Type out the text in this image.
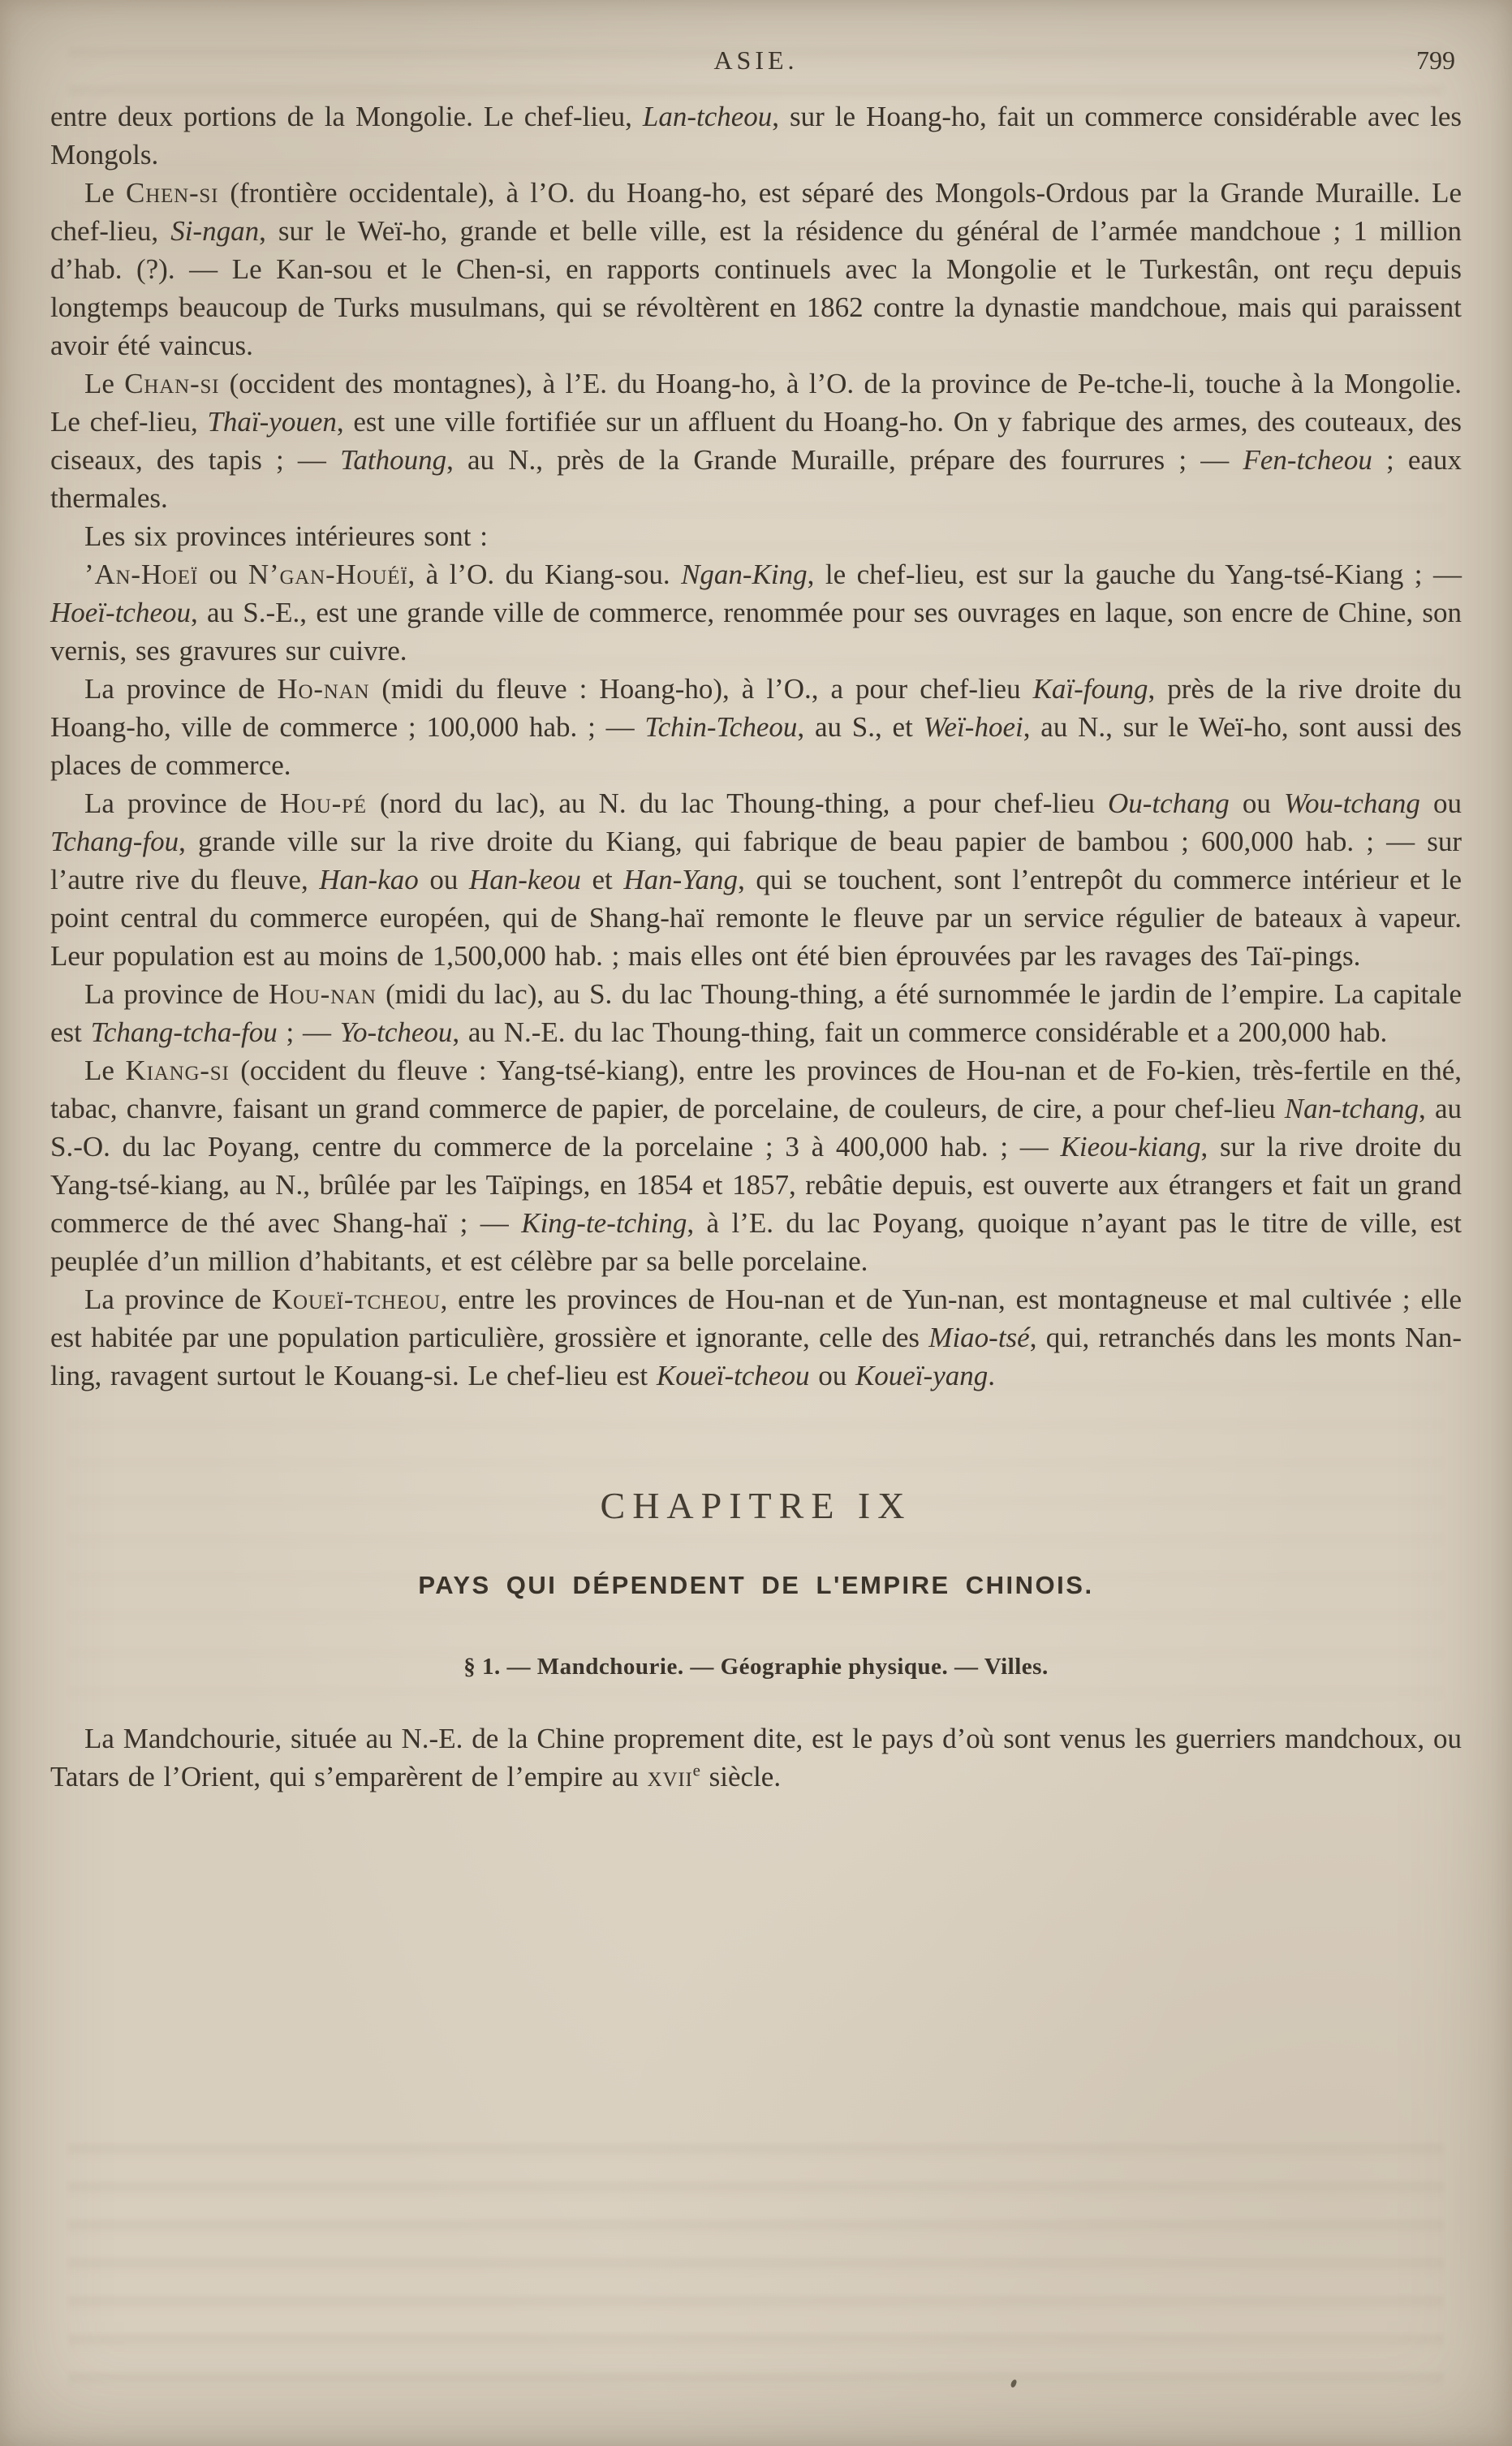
ASIE.	799

entre deux portions de la Mongolie. Le chef-lieu, Lan-tcheou, sur le Hoang-ho, fait un commerce considérable avec les Mongols.

Le Chen-si (frontière occidentale), à l’O. du Hoang-ho, est séparé des Mongols-Ordous par la Grande Muraille. Le chef-lieu, Si-ngan, sur le Weï-ho, grande et belle ville, est la résidence du général de l’armée mandchoue ; 1 million d’hab. (?). — Le Kan-sou et le Chen-si, en rapports continuels avec la Mongolie et le Turkestân, ont reçu depuis longtemps beaucoup de Turks musulmans, qui se révoltèrent en 1862 contre la dynastie mandchoue, mais qui paraissent avoir été vaincus.

Le Chan-si (occident des montagnes), à l’E. du Hoang-ho, à l’O. de la province de Pe-tche-li, touche à la Mongolie. Le chef-lieu, Thaï-youen, est une ville fortifiée sur un affluent du Hoang-ho. On y fabrique des armes, des couteaux, des ciseaux, des tapis ; — Tathoung, au N., près de la Grande Muraille, prépare des fourrures ; — Fen-tcheou ; eaux thermales.

Les six provinces intérieures sont :

’An-Hoeï ou N’gan-Houéï, à l’O. du Kiang-sou. Ngan-King, le chef-lieu, est sur la gauche du Yang-tsé-Kiang ; — Hoeï-tcheou, au S.-E., est une grande ville de commerce, renommée pour ses ouvrages en laque, son encre de Chine, son vernis, ses gravures sur cuivre.

La province de Ho-nan (midi du fleuve : Hoang-ho), à l’O., a pour chef-lieu Kaï-foung, près de la rive droite du Hoang-ho, ville de commerce ; 100,000 hab. ; — Tchin-Tcheou, au S., et Weï-hoei, au N., sur le Weï-ho, sont aussi des places de commerce.

La province de Hou-pé (nord du lac), au N. du lac Thoung-thing, a pour chef-lieu Ou-tchang ou Wou-tchang ou Tchang-fou, grande ville sur la rive droite du Kiang, qui fabrique de beau papier de bambou ; 600,000 hab. ; — sur l’autre rive du fleuve, Han-kao ou Han-keou et Han-Yang, qui se touchent, sont l’entrepôt du commerce intérieur et le point central du commerce européen, qui de Shang-haï remonte le fleuve par un service régulier de bateaux à vapeur. Leur population est au moins de 1,500,000 hab. ; mais elles ont été bien éprouvées par les ravages des Taï-pings.

La province de Hou-nan (midi du lac), au S. du lac Thoung-thing, a été surnommée le jardin de l’empire. La capitale est Tchang-tcha-fou ; — Yo-tcheou, au N.-E. du lac Thoung-thing, fait un commerce considérable et a 200,000 hab.

Le Kiang-si (occident du fleuve : Yang-tsé-kiang), entre les provinces de Hou-nan et de Fo-kien, très-fertile en thé, tabac, chanvre, faisant un grand commerce de papier, de porcelaine, de couleurs, de cire, a pour chef-lieu Nan-tchang, au S.-O. du lac Poyang, centre du commerce de la porcelaine ; 3 à 400,000 hab. ; — Kieou-kiang, sur la rive droite du Yang-tsé-kiang, au N., brûlée par les Taïpings, en 1854 et 1857, rebâtie depuis, est ouverte aux étrangers et fait un grand commerce de thé avec Shang-haï ; — King-te-tching, à l’E. du lac Poyang, quoique n’ayant pas le titre de ville, est peuplée d’un million d’habitants, et est célèbre par sa belle porcelaine.

La province de Koueï-tcheou, entre les provinces de Hou-nan et de Yun-nan, est montagneuse et mal cultivée ; elle est habitée par une population particulière, grossière et ignorante, celle des Miao-tsé, qui, retranchés dans les monts Nan-ling, ravagent surtout le Kouang-si. Le chef-lieu est Koueï-tcheou ou Koueï-yang.

CHAPITRE IX
PAYS QUI DÉPENDENT DE L'EMPIRE CHINOIS.
§ 1. — Mandchourie. — Géographie physique. — Villes.

La Mandchourie, située au N.-E. de la Chine proprement dite, est le pays d’où sont venus les guerriers mandchoux, ou Tatars de l’Orient, qui s’emparèrent de l’empire au xvii$^e$ siècle.
